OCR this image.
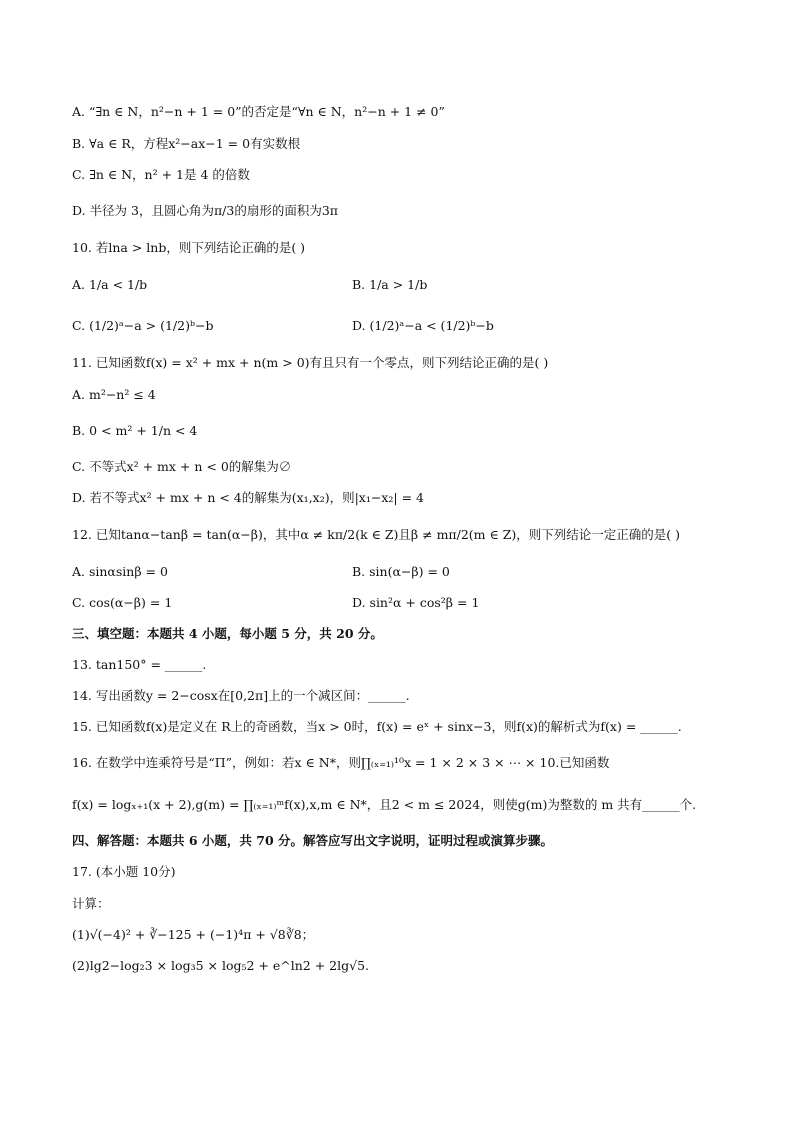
A. “∃n ∈ N，n²−n + 1 = 0”的否定是“∀n ∈ N，n²−n + 1 ≠ 0”
B. ∀a ∈ R，方程x²−ax−1 = 0有实数根
C. ∃n ∈ N，n² + 1是 4 的倍数
D. 半径为 3，且圆心角为π/3的扇形的面积为3π
10. 若lna > lnb，则下列结论正确的是( )
A. 1/a < 1/b	B. 1/a > 1/b
C. (1/2)ᵃ−a > (1/2)ᵇ−b	D. (1/2)ᵃ−a < (1/2)ᵇ−b
11. 已知函数f(x) = x² + mx + n(m > 0)有且只有一个零点，则下列结论正确的是( )
A. m²−n² ≤ 4
B. 0 < m² + 1/n < 4
C. 不等式x² + mx + n < 0的解集为∅
D. 若不等式x² + mx + n < 4的解集为(x₁,x₂)，则|x₁−x₂| = 4
12. 已知tanα−tanβ = tan(α−β)，其中α ≠ kπ/2(k ∈ Z)且β ≠ mπ/2(m ∈ Z)，则下列结论一定正确的是( )
A. sinαsinβ = 0	B. sin(α−β) = 0
C. cos(α−β) = 1	D. sin²α + cos²β = 1
三、填空题：本题共 4 小题，每小题 5 分，共 20 分。
13. tan150° = ______.
14. 写出函数y = 2−cosx在[0,2π]上的一个减区间：______.
15. 已知函数f(x)是定义在 R上的奇函数，当x > 0时，f(x) = eˣ + sinx−3，则f(x)的解析式为f(x) = ______.
16. 在数学中连乘符号是“Π”，例如：若x ∈ N*，则∏₍ₓ₌₁₎¹⁰x = 1 × 2 × 3 × ⋯ × 10.已知函数
f(x) = logₓ₊₁(x + 2),g(m) = ∏₍ₓ₌₁₎ᵐf(x),x,m ∈ N*，且2 < m ≤ 2024，则使g(m)为整数的 m 共有______个.
四、解答题：本题共 6 小题，共 70 分。解答应写出文字说明，证明过程或演算步骤。
17. (本小题 10分)
计算：
(1)√(−4)² + ∛−125 + (−1)⁴π + √8∛8；
(2)lg2−log₂3 × log₃5 × log₅2 + e^ln2 + 2lg√5.
